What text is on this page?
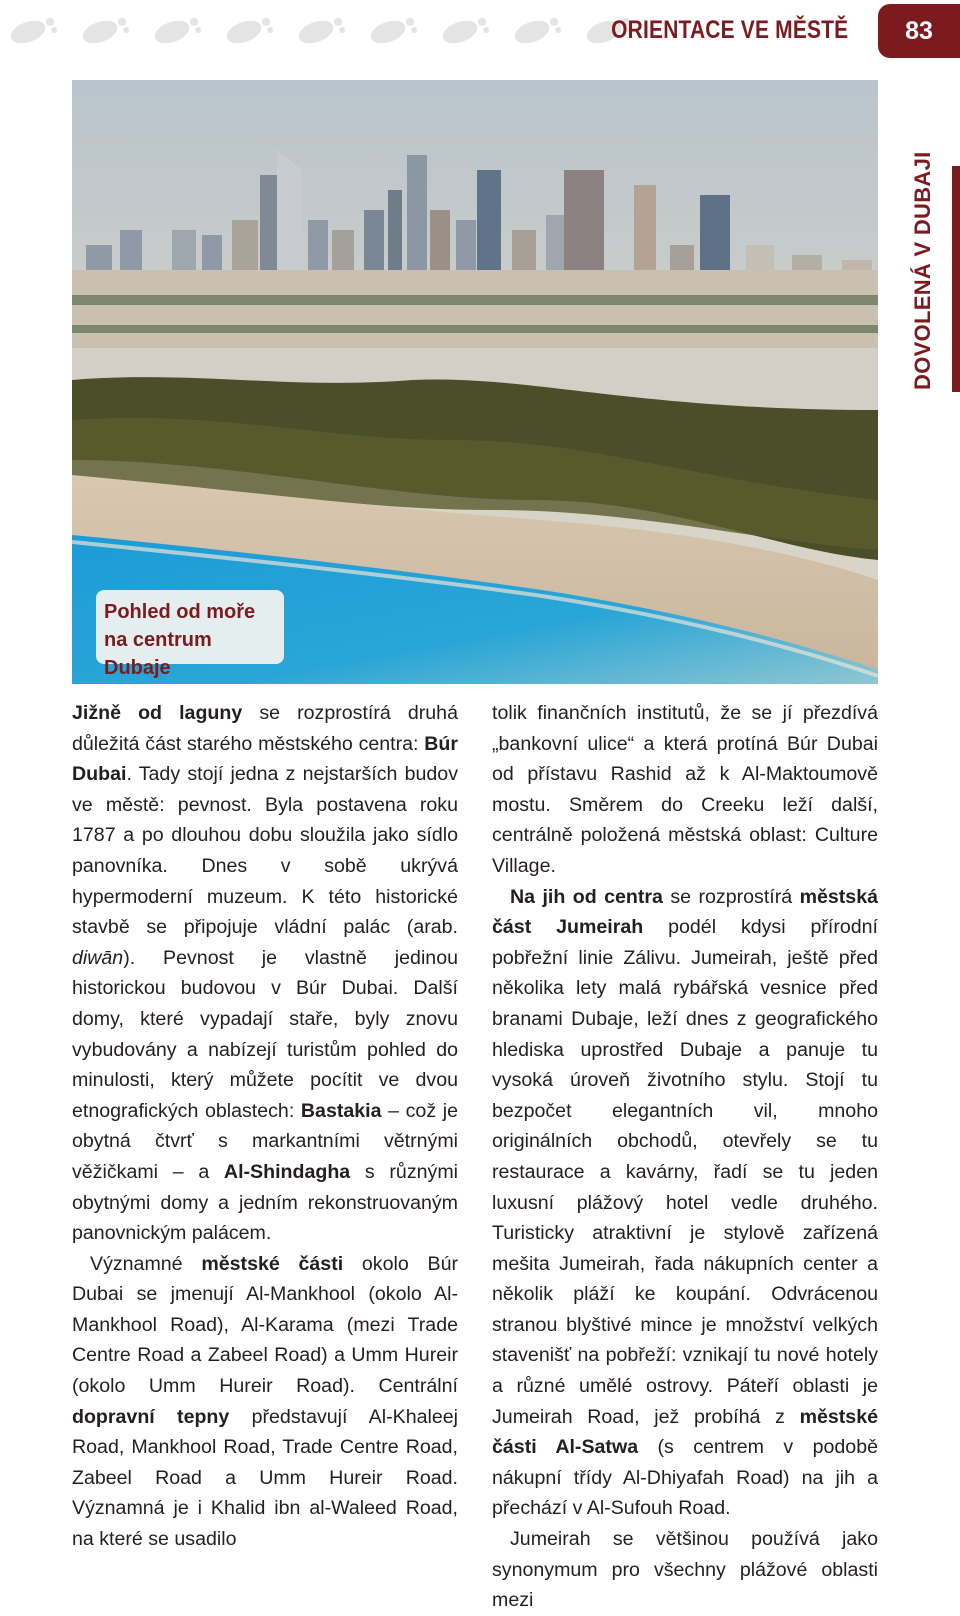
ORIENTACE VE MĚSTĚ	83
DOVOLENÁ V DUBAJI
Pohled od moře
na centrum Dubaje

Jižně od laguny se rozprostírá druhá důležitá část starého městského centra: Búr Dubai. Tady stojí jedna z nejstarších budov ve městě: pevnost. Byla postavena roku 1787 a po dlouhou dobu sloužila jako sídlo panovníka. Dnes v sobě ukrývá hypermoderní muzeum. K této historické stavbě se připojuje vládní palác (arab. diwān). Pevnost je vlastně jedinou historickou budovou v Búr Dubai. Další domy, které vypadají staře, byly znovu vybudovány a nabízejí turistům pohled do minulosti, který můžete pocítit ve dvou etnografických oblastech: Bastakia – což je obytná čtvrť s markantními větrnými věžičkami – a Al-Shindagha s různými obytnými domy a jedním rekonstruovaným panovnickým palácem.

Významné městské části okolo Búr Dubai se jmenují Al-Mankhool (okolo Al-Mankhool Road), Al-Karama (mezi Trade Centre Road a Zabeel Road) a Umm Hureir (okolo Umm Hureir Road). Centrální dopravní tepny představují Al-Khaleej Road, Mankhool Road, Trade Centre Road, Zabeel Road a Umm Hureir Road. Významná je i Khalid ibn al-Waleed Road, na které se usadilo

tolik finančních institutů, že se jí přezdívá „bankovní ulice“ a která protíná Búr Dubai od přístavu Rashid až k Al-Maktoumově mostu. Směrem do Creeku leží další, centrálně položená městská oblast: Culture Village.

Na jih od centra se rozprostírá městská část Jumeirah podél kdysi přírodní pobřežní linie Zálivu. Jumeirah, ještě před několika lety malá rybářská vesnice před branami Dubaje, leží dnes z geografického hlediska uprostřed Dubaje a panuje tu vysoká úroveň životního stylu. Stojí tu bezpočet elegantních vil, mnoho originálních obchodů, otevřely se tu restaurace a kavárny, řadí se tu jeden luxusní plážový hotel vedle druhého. Turisticky atraktivní je stylově zařízená mešita Jumeirah, řada nákupních center a několik pláží ke koupání. Odvrácenou stranou blyštivé mince je množství velkých stavenišť na pobřeží: vznikají tu nové hotely a různé umělé ostrovy. Páteří oblasti je Jumeirah Road, jež probíhá z městské části Al-Satwa (s centrem v podobě nákupní třídy Al-Dhiyafah Road) na jih a přechází v Al-Sufouh Road.

Jumeirah se většinou používá jako synonymum pro všechny plážové oblasti mezi
